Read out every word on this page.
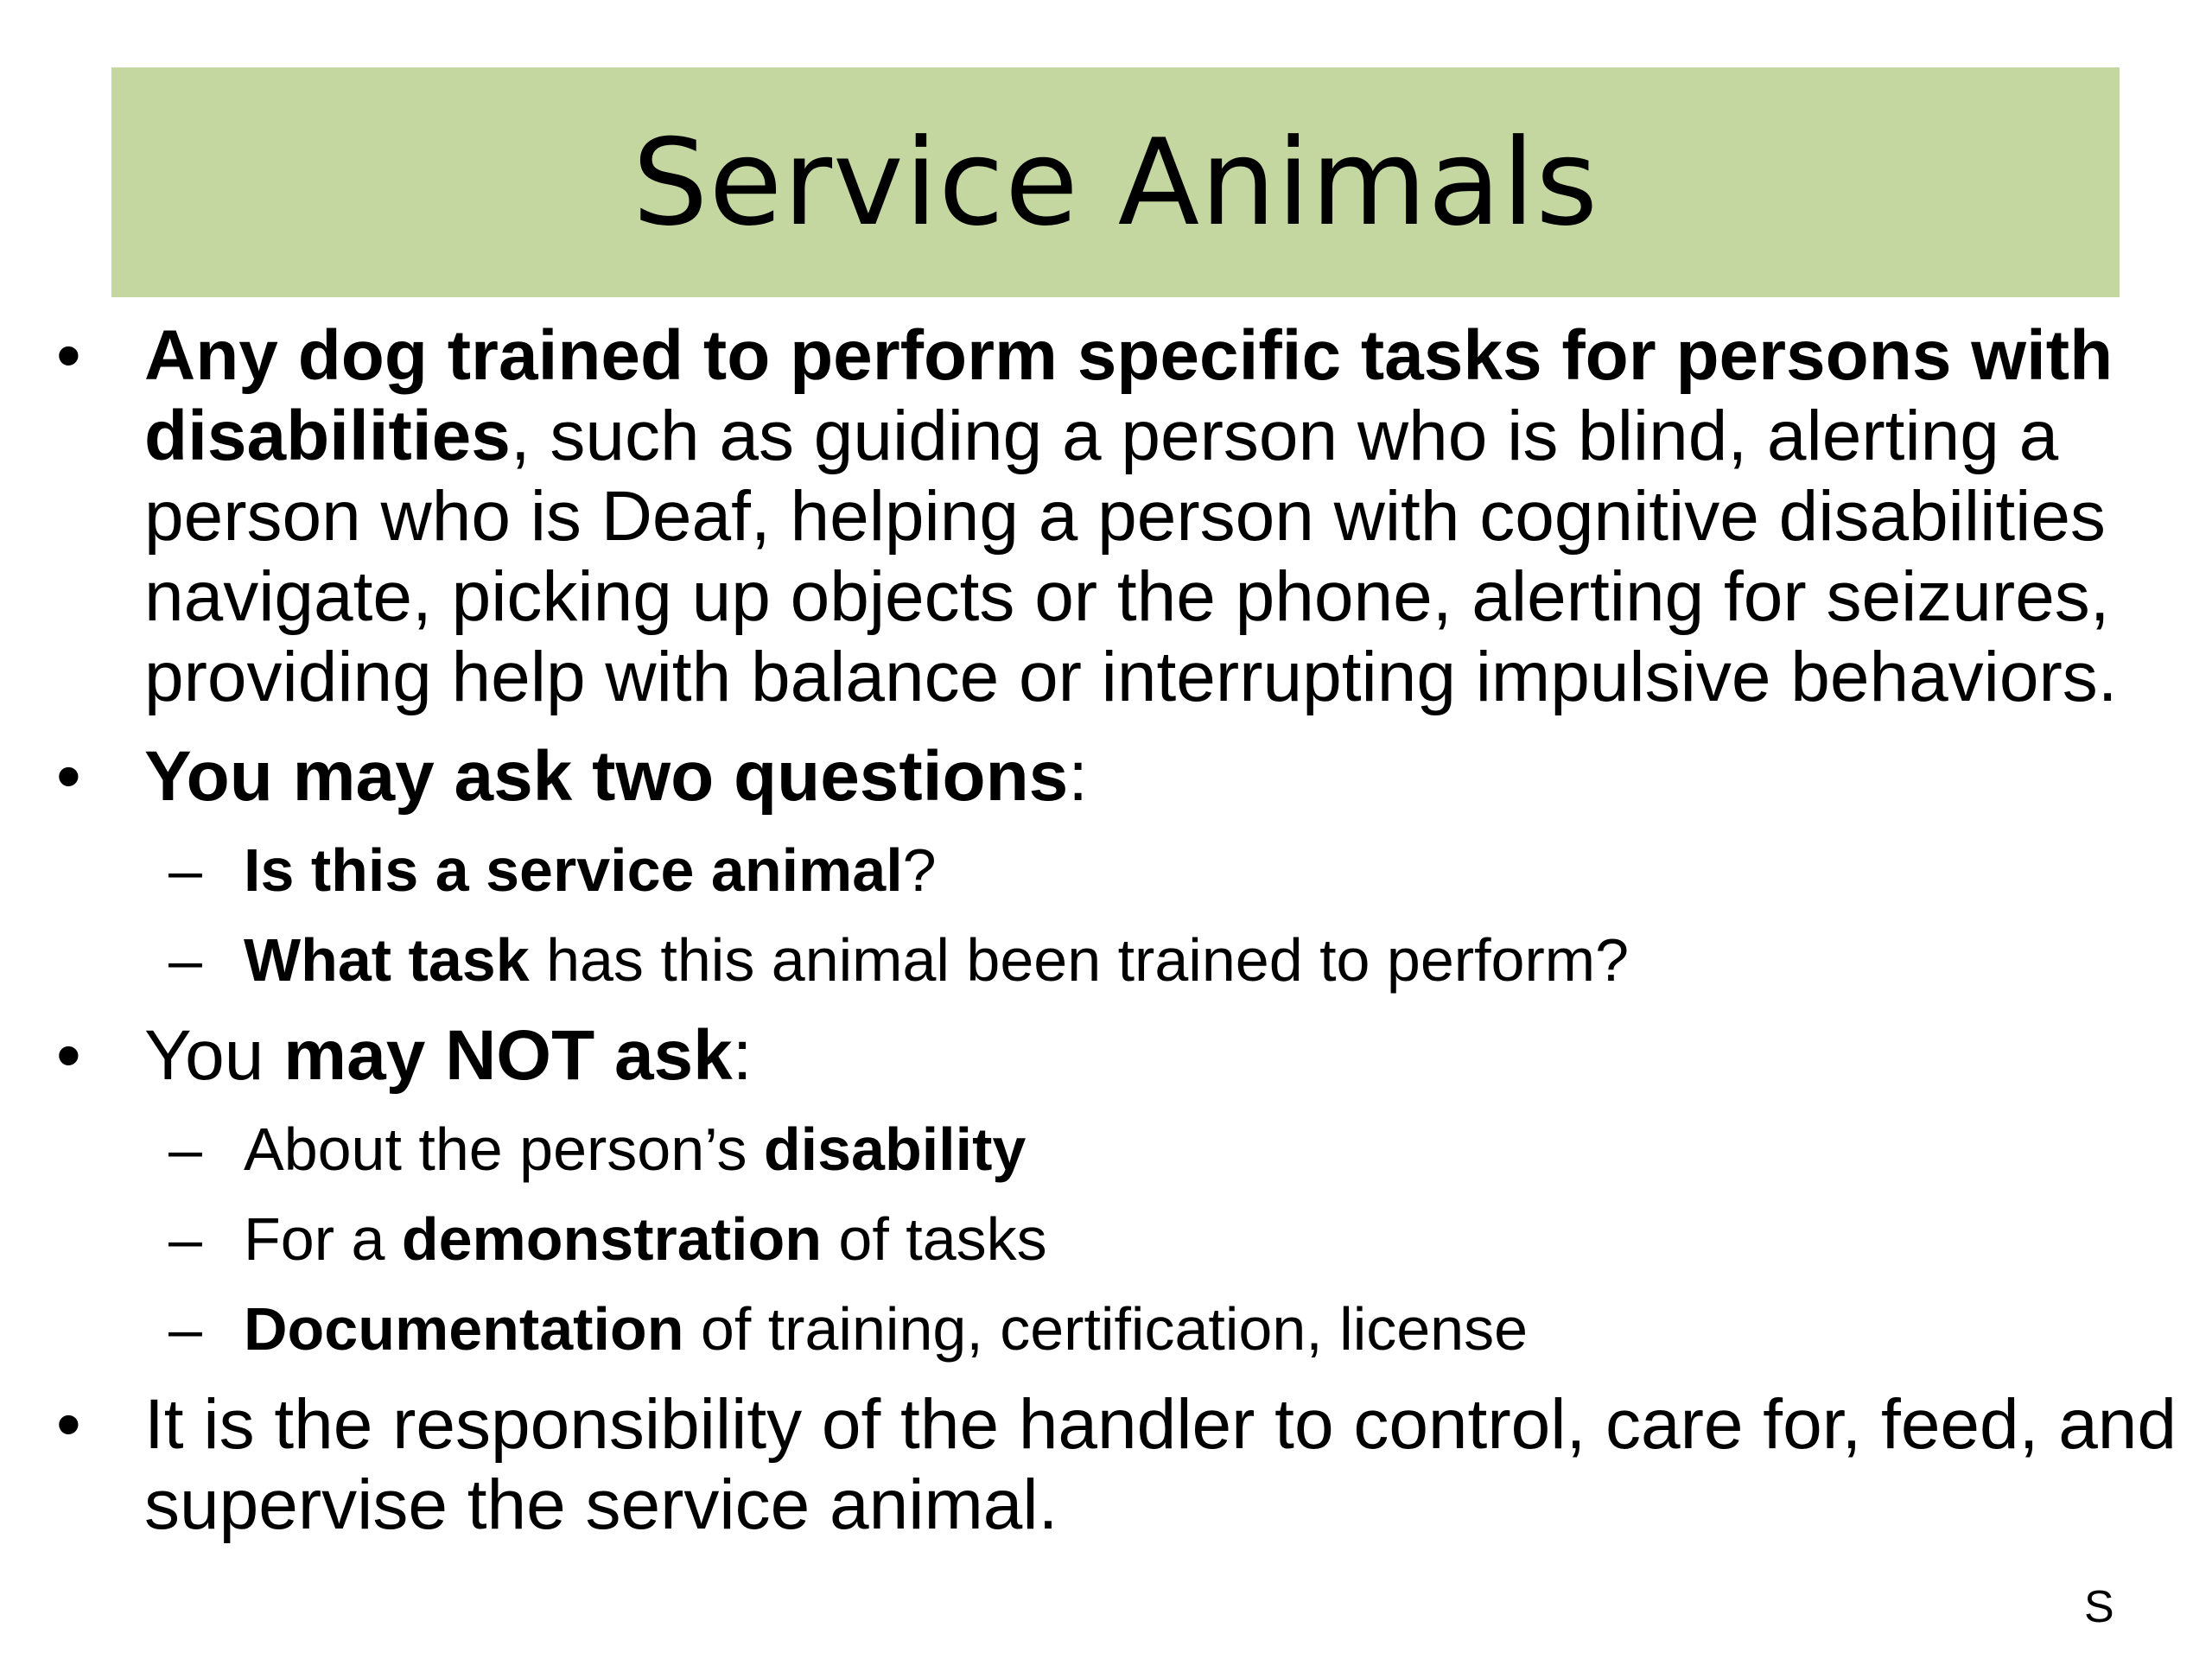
Service Animals
• Any dog trained to perform specific tasks for persons with disabilities, such as guiding a person who is blind, alerting a person who is Deaf, helping a person with cognitive disabilities navigate, picking up objects or the phone, alerting for seizures, providing help with balance or interrupting impulsive behaviors.
• You may ask two questions:
– Is this a service animal?
– What task has this animal been trained to perform?
• You may NOT ask:
– About the person’s disability
– For a demonstration of tasks
– Documentation of training, certification, license
• It is the responsibility of the handler to control, care for, feed, and supervise the service animal.
S
